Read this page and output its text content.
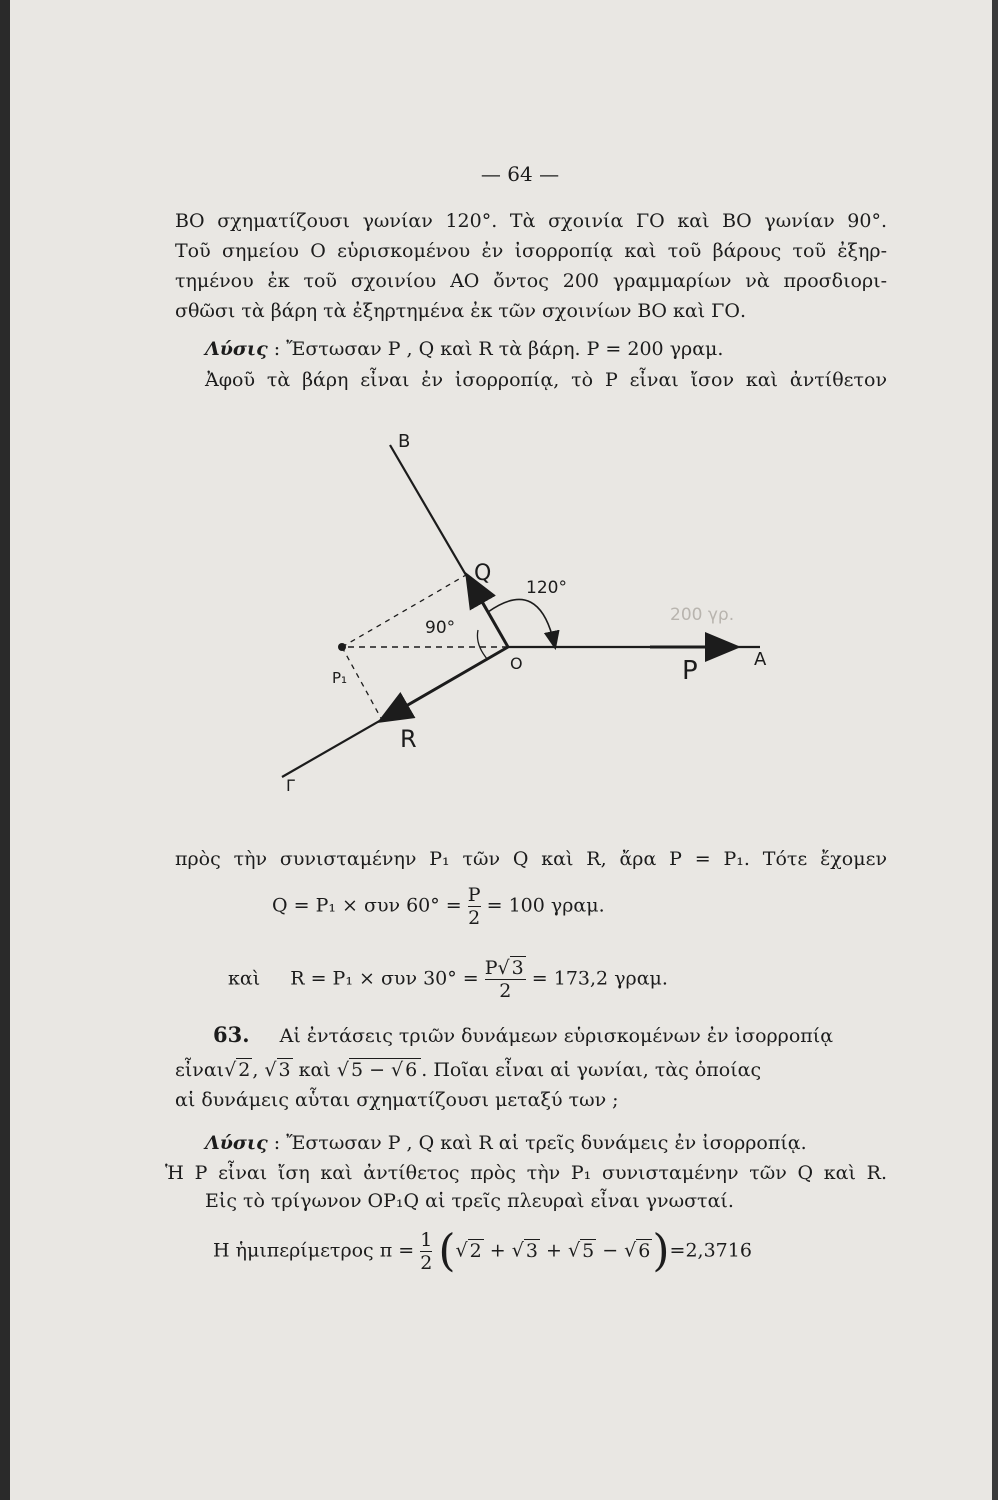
— 64 —
ΒΟ σχηματίζουσι γωνίαν 120°. Τὰ σχοινία ΓΟ καὶ ΒΟ γωνίαν 90°.
Τοῦ σημείου Ο εὑρισκομένου ἐν ἰσορροπίᾳ καὶ τοῦ βάρους τοῦ ἐξηρ-
τημένου ἐκ τοῦ σχοινίου ΑΟ ὄντος 200 γραμμαρίων νὰ προσδιορι-
σθῶσι τὰ βάρη τὰ ἐξηρτημένα ἐκ τῶν σχοινίων ΒΟ καὶ ΓΟ.
Λύσις : Ἔστωσαν Ρ , Q καὶ R τὰ βάρη. Ρ = 200 γραμ.
Ἀφοῦ τὰ βάρη εἶναι ἐν ἰσορροπίᾳ, τὸ Ρ εἶναι ἴσον καὶ ἀντίθετον
Β
Q
120°
90°
O	P	A
R
Γ
P₁
200 γρ.
πρὸς τὴν συνισταμένην Ρ₁ τῶν Q καὶ R, ἄρα Ρ = Ρ₁. Τότε ἔχομεν
Q = Ρ₁ × συν $60^\circ = \frac{P}{2} = 100$ γραμ.
καὶ R = Ρ₁ × συν $30^\circ = \frac{P√ 3}{2} = 173,2$ γραμ.
63. Αἱ ἐντάσεις τριῶν δυνάμεων εὑρισκομένων ἐν ἰσορροπίᾳ
εἶναι√ 2 , √ 3 καὶ √ 5 − √ 6 . Ποῖαι εἶναι αἱ γωνίαι, τὰς ὁποίας
αἱ δυνάμεις αὗται σχηματίζουσι μεταξύ των ;
Λύσις : Ἔστωσαν Ρ , Q καὶ R αἱ τρεῖς δυνάμεις ἐν ἰσορροπίᾳ.
Ἡ Ρ εἶναι ἴση καὶ ἀντίθετος πρὸς τὴν Ρ₁ συνισταμένην τῶν Q καὶ R.
Εἰς τὸ τρίγωνον ΟΡ₁Q αἱ τρεῖς πλευραὶ εἶναι γνωσταί.
Η ἡμιπερίμετρος $\pi = \frac{1}{2}$ (√ 2 + √ 3 + √ 5 − √ 6)=2,3716
